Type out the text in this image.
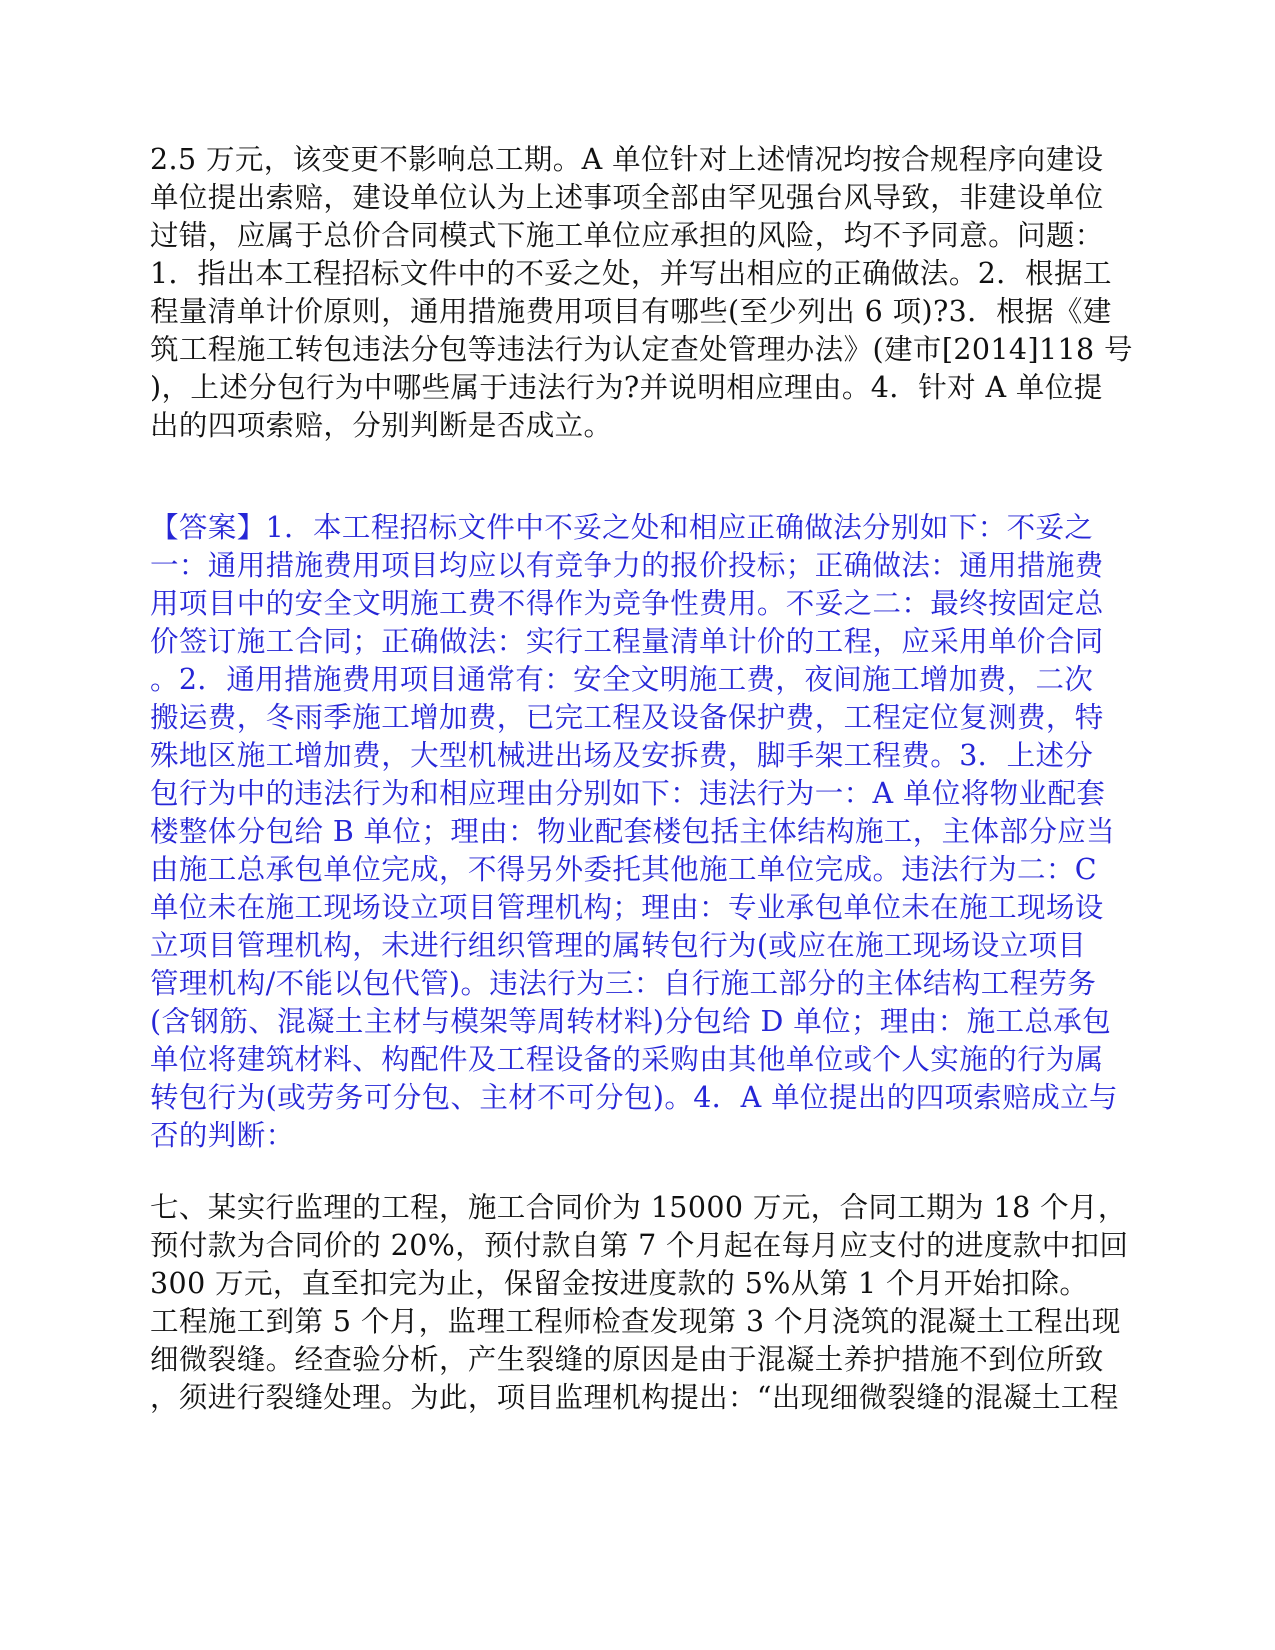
2.5 万元，该变更不影响总工期。A 单位针对上述情况均按合规程序向建设
单位提出索赔，建设单位认为上述事项全部由罕见强台风导致，非建设单位
过错，应属于总价合同模式下施工单位应承担的风险，均不予同意。问题：
1．指出本工程招标文件中的不妥之处，并写出相应的正确做法。2．根据工
程量清单计价原则，通用措施费用项目有哪些(至少列出 6 项)?3．根据《建
筑工程施工转包违法分包等违法行为认定查处管理办法》(建市[2014]118 号
)，上述分包行为中哪些属于违法行为?并说明相应理由。4．针对 A 单位提
出的四项索赔，分别判断是否成立。
【答案】1．本工程招标文件中不妥之处和相应正确做法分别如下：不妥之
一：通用措施费用项目均应以有竞争力的报价投标；正确做法：通用措施费
用项目中的安全文明施工费不得作为竞争性费用。不妥之二：最终按固定总
价签订施工合同；正确做法：实行工程量清单计价的工程，应采用单价合同
。2．通用措施费用项目通常有：安全文明施工费，夜间施工增加费，二次
搬运费，冬雨季施工增加费，已完工程及设备保护费，工程定位复测费，特
殊地区施工增加费，大型机械进出场及安拆费，脚手架工程费。3．上述分
包行为中的违法行为和相应理由分别如下：违法行为一：A 单位将物业配套
楼整体分包给 B 单位；理由：物业配套楼包括主体结构施工，主体部分应当
由施工总承包单位完成，不得另外委托其他施工单位完成。违法行为二：C
单位未在施工现场设立项目管理机构；理由：专业承包单位未在施工现场设
立项目管理机构，未进行组织管理的属转包行为(或应在施工现场设立项目
管理机构/不能以包代管)。违法行为三：自行施工部分的主体结构工程劳务
(含钢筋、混凝土主材与模架等周转材料)分包给 D 单位；理由：施工总承包
单位将建筑材料、构配件及工程设备的采购由其他单位或个人实施的行为属
转包行为(或劳务可分包、主材不可分包)。4．A 单位提出的四项索赔成立与
否的判断：
七、某实行监理的工程，施工合同价为 15000 万元，合同工期为 18 个月，
预付款为合同价的 20%，预付款自第 7 个月起在每月应支付的进度款中扣回
300 万元，直至扣完为止，保留金按进度款的 5%从第 1 个月开始扣除。
工程施工到第 5 个月，监理工程师检查发现第 3 个月浇筑的混凝土工程出现
细微裂缝。经查验分析，产生裂缝的原因是由于混凝土养护措施不到位所致
，须进行裂缝处理。为此，项目监理机构提出：“出现细微裂缝的混凝土工程
